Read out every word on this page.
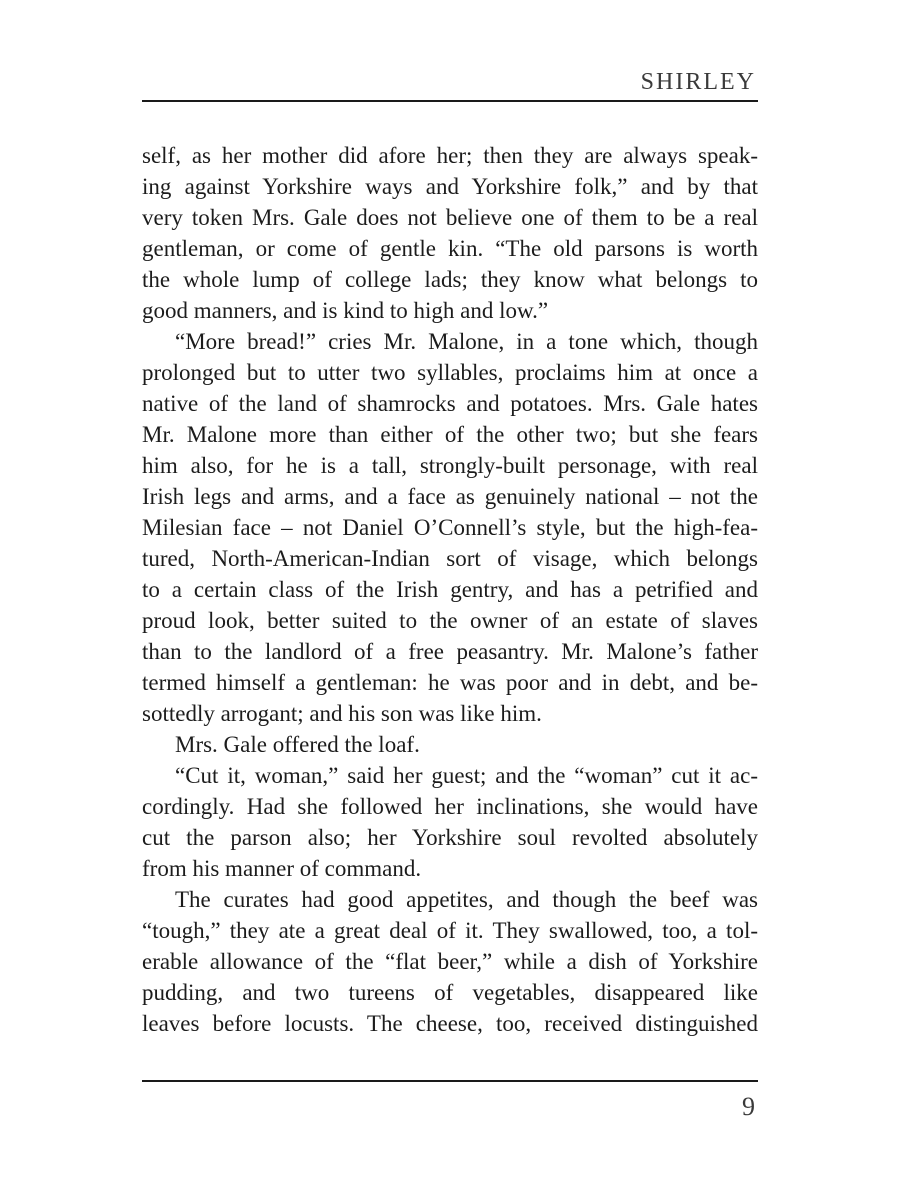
SHIRLEY
self, as her mother did afore her; then they are always speak-
ing against Yorkshire ways and Yorkshire folk,” and by that
very token Mrs. Gale does not believe one of them to be a real
gentleman, or come of gentle kin. “The old parsons is worth
the whole lump of college lads; they know what belongs to
good manners, and is kind to high and low.”
“More bread!” cries Mr. Malone, in a tone which, though
prolonged but to utter two syllables, proclaims him at once a
native of the land of shamrocks and potatoes. Mrs. Gale hates
Mr. Malone more than either of the other two; but she fears
him also, for he is a tall, strongly-built personage, with real
Irish legs and arms, and a face as genuinely national – not the
Milesian face – not Daniel O’Connell’s style, but the high-fea-
tured, North-American-Indian sort of visage, which belongs
to a certain class of the Irish gentry, and has a petrified and
proud look, better suited to the owner of an estate of slaves
than to the landlord of a free peasantry. Mr. Malone’s father
termed himself a gentleman: he was poor and in debt, and be-
sottedly arrogant; and his son was like him.
Mrs. Gale offered the loaf.
“Cut it, woman,” said her guest; and the “woman” cut it ac-
cordingly. Had she followed her inclinations, she would have
cut the parson also; her Yorkshire soul revolted absolutely
from his manner of command.
The curates had good appetites, and though the beef was
“tough,” they ate a great deal of it. They swallowed, too, a tol-
erable allowance of the “flat beer,” while a dish of Yorkshire
pudding, and two tureens of vegetables, disappeared like
leaves before locusts. The cheese, too, received distinguished
9
